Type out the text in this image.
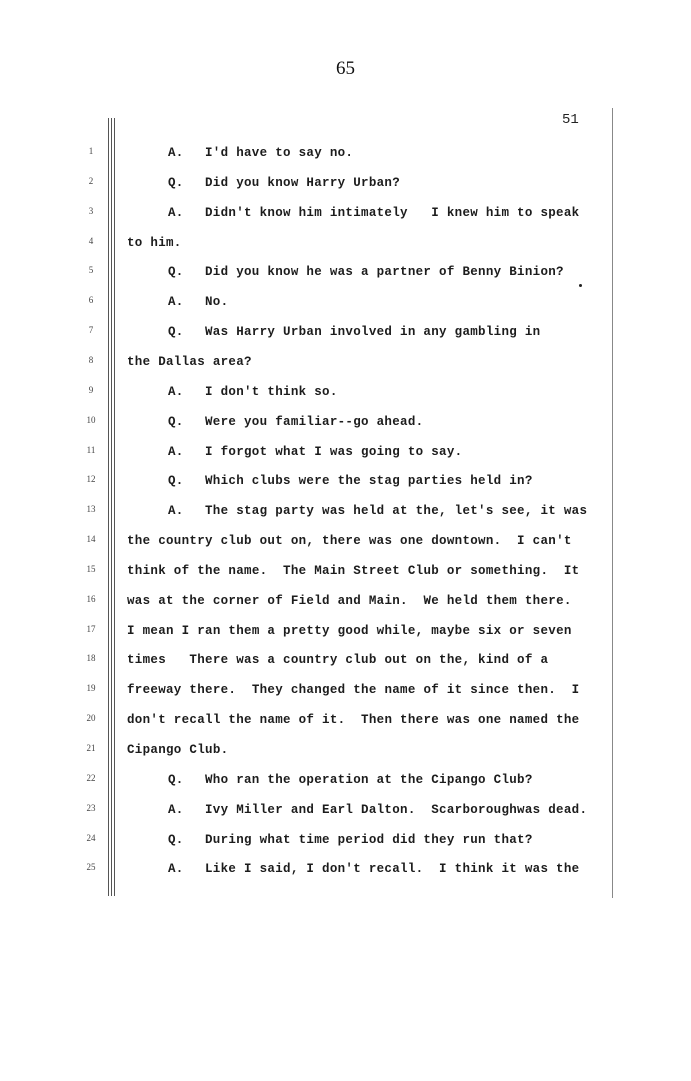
65
51
1
2
3
4
5
6
7
8
9
10
11
12
13
14
15
16
17
18
19
20
21
22
23
24
25
A. I'd have to say no.
Q. Did you know Harry Urban?
A. Didn't know him intimately   I knew him to speak
to him.
Q. Did you know he was a partner of Benny Binion?
A. No.
Q. Was Harry Urban involved in any gambling in
the Dallas area?
A. I don't think so.
Q. Were you familiar--go ahead.
A. I forgot what I was going to say.
Q. Which clubs were the stag parties held in?
A. The stag party was held at the, let's see, it was
the country club out on, there was one downtown.  I can't
think of the name.  The Main Street Club or something.  It
was at the corner of Field and Main.  We held them there.
I mean I ran them a pretty good while, maybe six or seven
times   There was a country club out on the, kind of a
freeway there.  They changed the name of it since then.  I
don't recall the name of it.  Then there was one named the
Cipango Club.
Q. Who ran the operation at the Cipango Club?
A. Ivy Miller and Earl Dalton.  Scarboroughwas dead.
Q. During what time period did they run that?
A. Like I said, I don't recall.  I think it was the
